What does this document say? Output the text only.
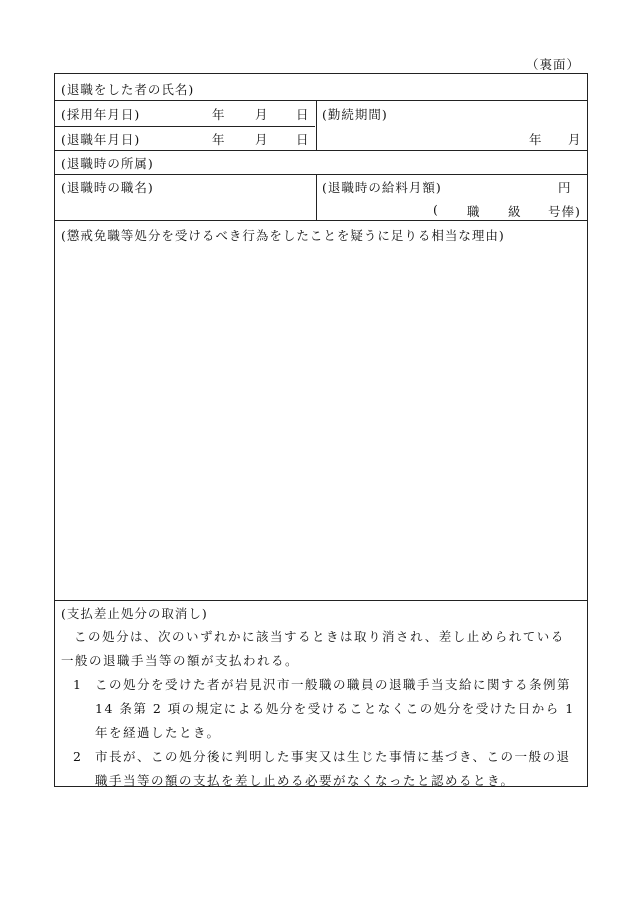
（裏面）
(退職をした者の氏名)
(採用年月日)	年 月 日
(退職年月日)	年 月 日
(勤続期間)
年 月
(退職時の所属)
(退職時の職名)	(退職時の給料月額)	円
( 職 級 号俸)
(懲戒免職等処分を受けるべき行為をしたことを疑うに足りる相当な理由)
(支払差止処分の取消し)
この処分は、次のいずれかに該当するときは取り消され、差し止められている一般の退職手当等の額が支払われる。
1 この処分を受けた者が岩見沢市一般職の職員の退職手当支給に関する条例第 14 条第 2 項の規定による処分を受けることなくこの処分を受けた日から 1 年を経過したとき。
2 市長が、この処分後に判明した事実又は生じた事情に基づき、この一般の退職手当等の額の支払を差し止める必要がなくなったと認めるとき。
